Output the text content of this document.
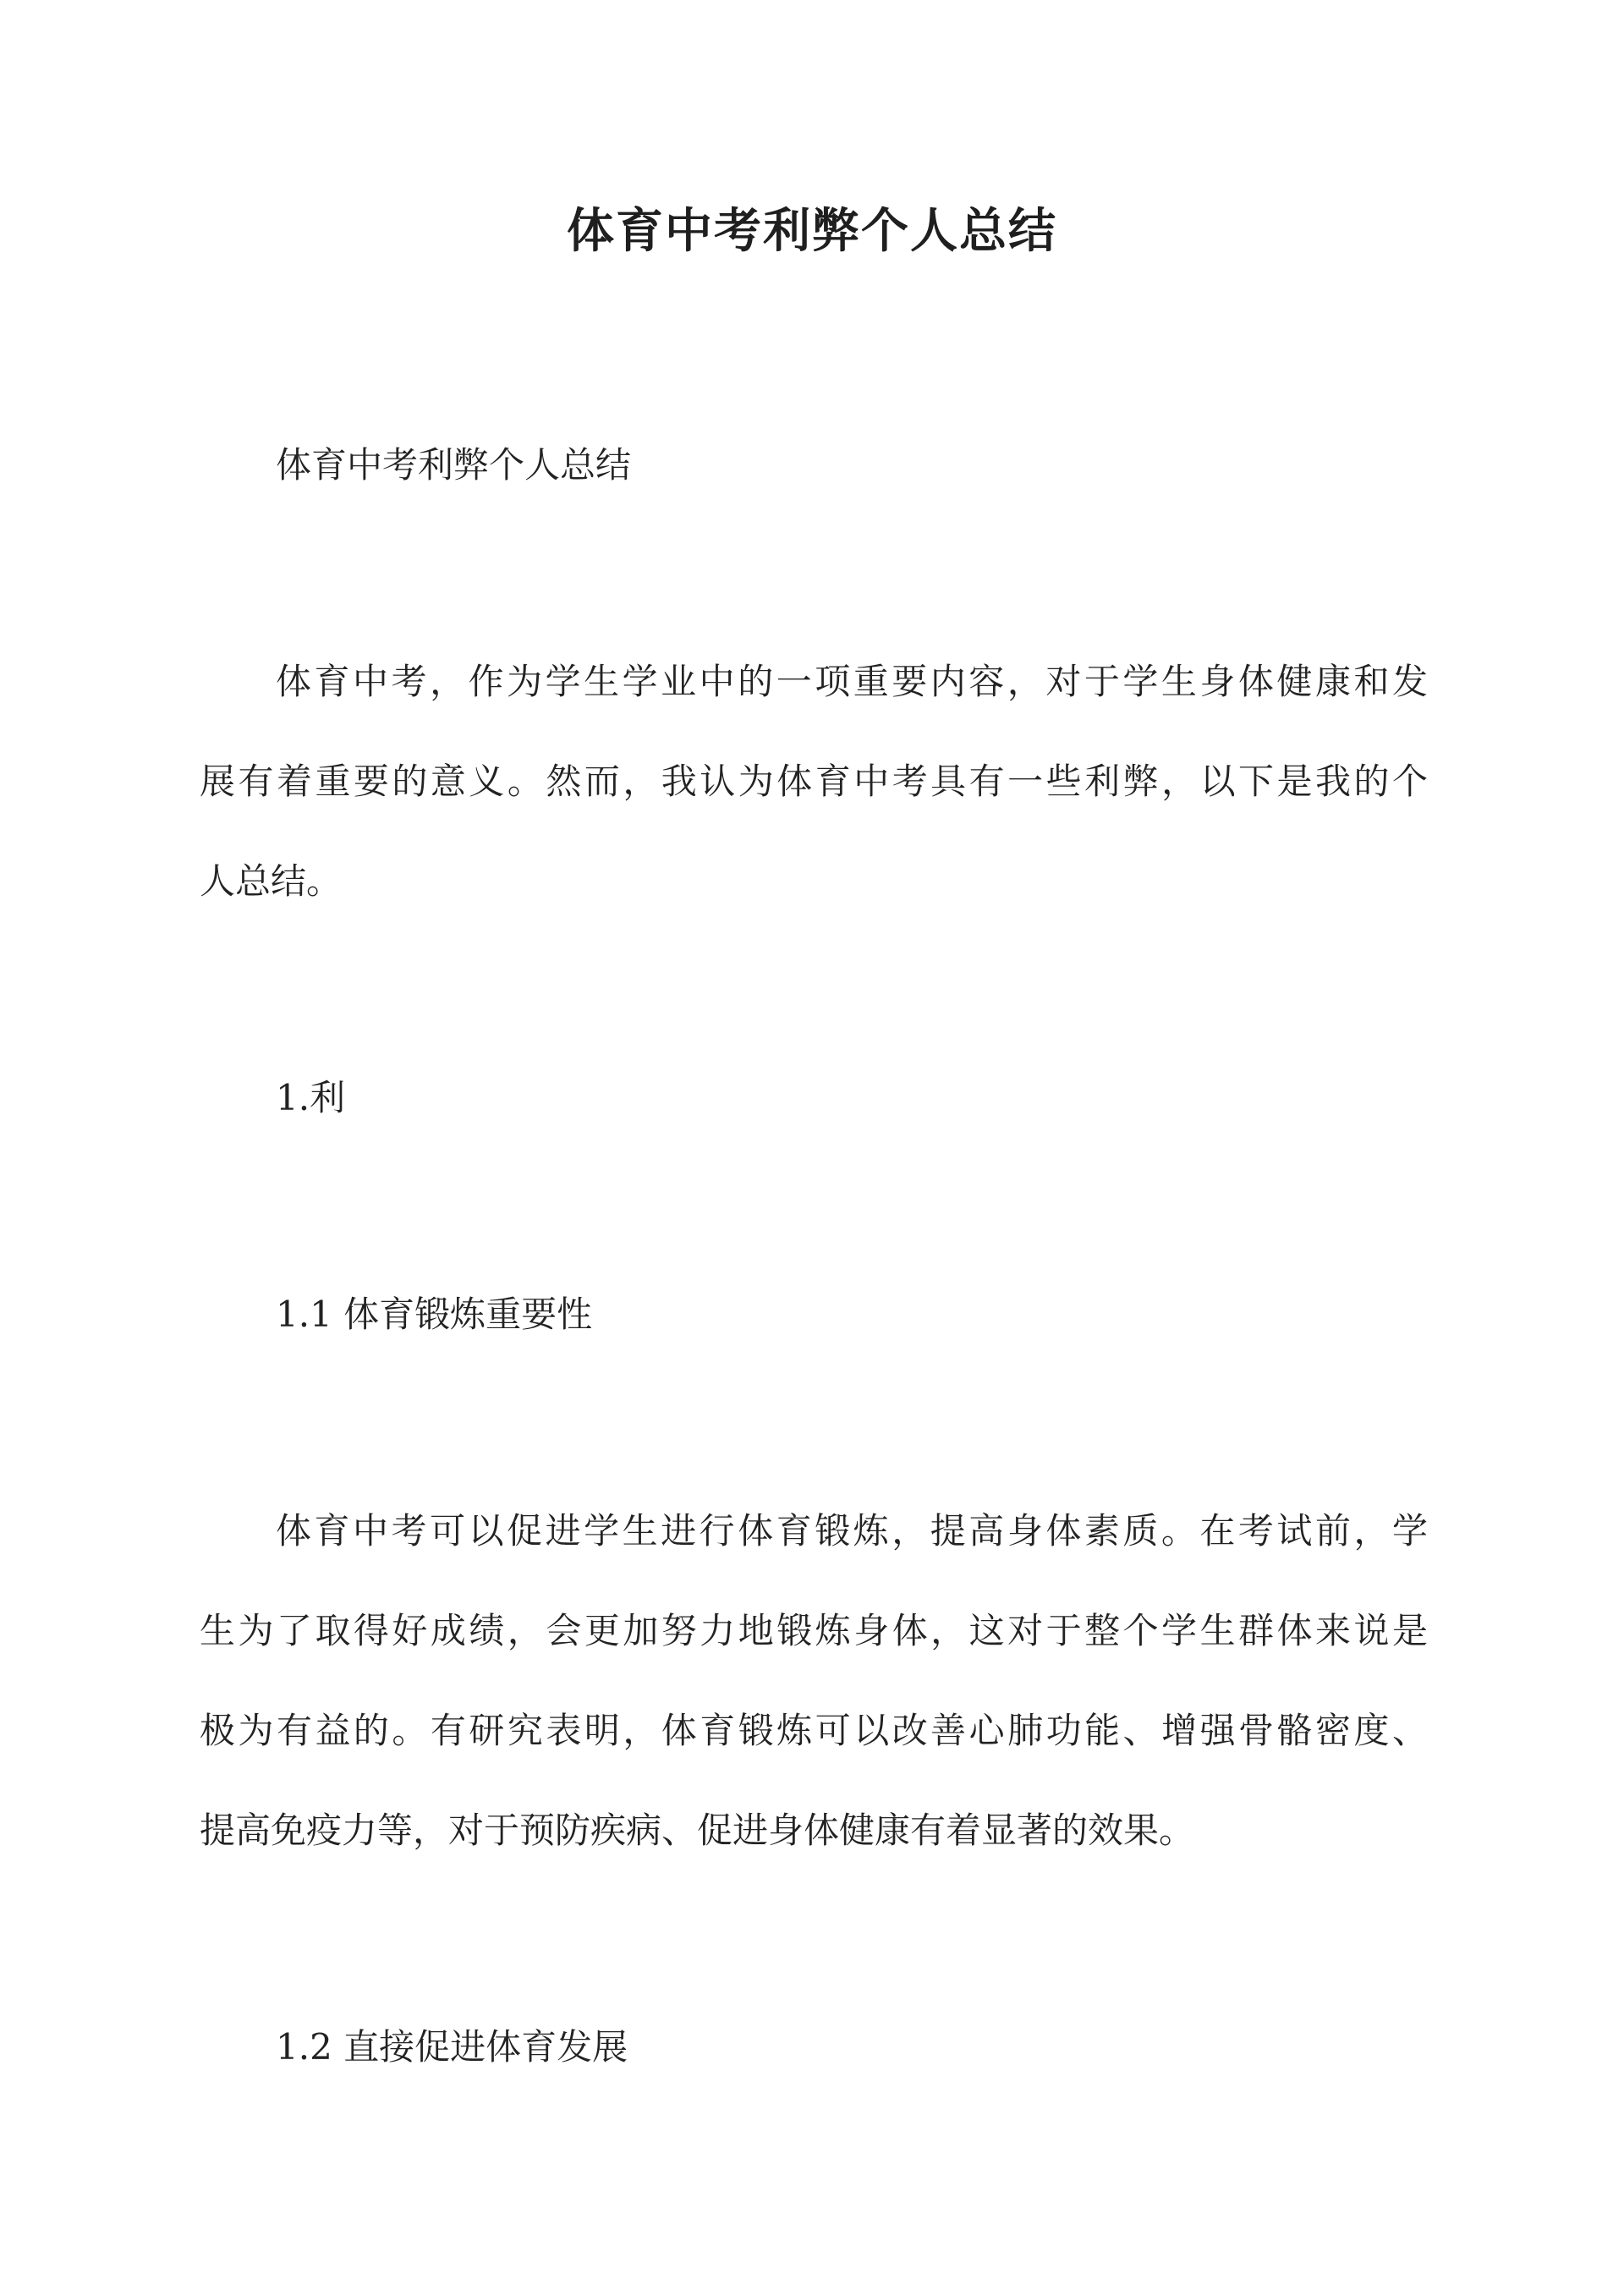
体育中考利弊个人总结
体育中考利弊个人总结
体育中考，作为学生学业中的一项重要内容，对于学生身体健康和发
展有着重要的意义。然而，我认为体育中考具有一些利弊，以下是我的个
人总结。
1.利
1.1 体育锻炼重要性
体育中考可以促进学生进行体育锻炼，提高身体素质。在考试前，学
生为了取得好成绩，会更加努力地锻炼身体，这对于整个学生群体来说是
极为有益的。有研究表明，体育锻炼可以改善心肺功能、增强骨骼密度、
提高免疫力等，对于预防疾病、促进身体健康有着显著的效果。
1.2 直接促进体育发展
